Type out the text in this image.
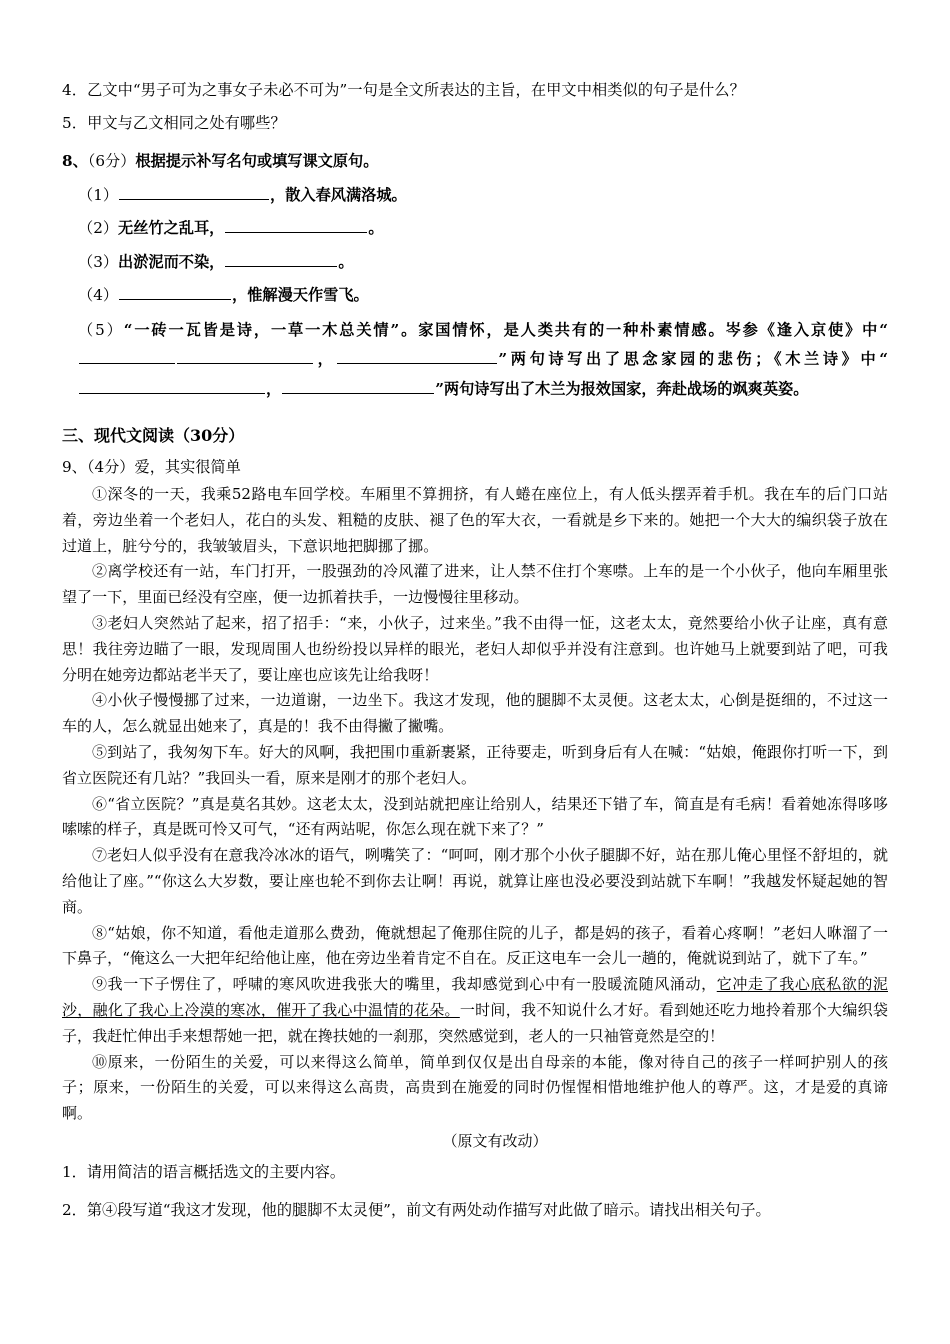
4．乙文中“男子可为之事女子未必不可为”一句是全文所表达的主旨，在甲文中相类似的句子是什么？

5．甲文与乙文相同之处有哪些？

8、（6分）根据提示补写名句或填写课文原句。

（1）	，散入春风满洛城。

（2）无丝竹之乱耳，	。

（3）出淤泥而不染，	。

（4）	，惟解漫天作雪飞。

（5）“一砖一瓦皆是诗，一草一木总关情”。家国情怀，是人类共有的一种朴素情感。岑参《逢入京使》中“，	”两句诗写出了思念家园的悲伤；《木兰诗》中“，	”两句诗写出了木兰为报效国家，奔赴战场的飒爽英姿。

三、现代文阅读（30分）

9、（4分）爱，其实很简单

①深冬的一天，我乘52路电车回学校。车厢里不算拥挤，有人蜷在座位上，有人低头摆弄着手机。我在车的后门口站着，旁边坐着一个老妇人，花白的头发、粗糙的皮肤、褪了色的军大衣，一看就是乡下来的。她把一个大大的编织袋子放在过道上，脏兮兮的，我皱皱眉头，下意识地把脚挪了挪。

②离学校还有一站，车门打开，一股强劲的冷风灌了进来，让人禁不住打个寒噤。上车的是一个小伙子，他向车厢里张望了一下，里面已经没有空座，便一边抓着扶手，一边慢慢往里移动。

③老妇人突然站了起来，招了招手：“来，小伙子，过来坐。”我不由得一怔，这老太太，竟然要给小伙子让座，真有意思！我往旁边瞄了一眼，发现周围人也纷纷投以异样的眼光，老妇人却似乎并没有注意到。也许她马上就要到站了吧，可我分明在她旁边都站老半天了，要让座也应该先让给我呀！

④小伙子慢慢挪了过来，一边道谢，一边坐下。我这才发现，他的腿脚不太灵便。这老太太，心倒是挺细的，不过这一车的人，怎么就显出她来了，真是的！我不由得撇了撇嘴。

⑤到站了，我匆匆下车。好大的风啊，我把围巾重新裹紧，正待要走，听到身后有人在喊：“姑娘，俺跟你打听一下，到省立医院还有几站？”我回头一看，原来是刚才的那个老妇人。

⑥“省立医院？”真是莫名其妙。这老太太，没到站就把座让给别人，结果还下错了车，简直是有毛病！看着她冻得哆哆嗦嗦的样子，真是既可怜又可气，“还有两站呢，你怎么现在就下来了？”

⑦老妇人似乎没有在意我冷冰冰的语气，咧嘴笑了：“呵呵，刚才那个小伙子腿脚不好，站在那儿俺心里怪不舒坦的，就给他让了座。”“你这么大岁数，要让座也轮不到你去让啊！再说，就算让座也没必要没到站就下车啊！”我越发怀疑起她的智商。

⑧“姑娘，你不知道，看他走道那么费劲，俺就想起了俺那住院的儿子，都是妈的孩子，看着心疼啊！”老妇人咻溜了一下鼻子，“俺这么一大把年纪给他让座，他在旁边坐着肯定不自在。反正这电车一会儿一趟的，俺就说到站了，就下了车。”

⑨我一下子愣住了，呼啸的寒风吹进我张大的嘴里，我却感觉到心中有一股暖流随风涌动，它冲走了我心底私欲的泥沙，融化了我心上冷漠的寒冰，催开了我心中温情的花朵。一时间，我不知说什么才好。看到她还吃力地拎着那个大编织袋子，我赶忙伸出手来想帮她一把，就在搀扶她的一刹那，突然感觉到，老人的一只袖管竟然是空的！

⑩原来，一份陌生的关爱，可以来得这么简单，简单到仅仅是出自母亲的本能，像对待自己的孩子一样呵护别人的孩子；原来，一份陌生的关爱，可以来得这么高贵，高贵到在施爱的同时仍惺惺相惜地维护他人的尊严。这，才是爱的真谛啊。

（原文有改动）

1．请用简洁的语言概括选文的主要内容。

2．第④段写道“我这才发现，他的腿脚不太灵便”，前文有两处动作描写对此做了暗示。请找出相关句子。
